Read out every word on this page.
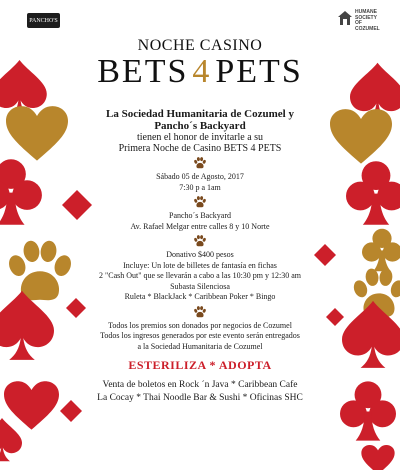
PANCHO'S
HUMANE
SOCIETY
OF COZUMEL
NOCHE CASINO
BETS 4 PETS
La Sociedad Humanitaria de Cozumel y
Pancho´s Backyard
tienen el honor de invitarle a su
Primera Noche de Casino BETS 4 PETS
Sábado 05 de Agosto, 2017
7:30 p a 1am
Pancho´s Backyard
Av. Rafael Melgar entre calles 8 y 10 Norte
Donativo $400 pesos
Incluye: Un lote de billetes de fantasía en fichas
2 "Cash Out" que se llevarán a cabo a las 10:30 pm y 12:30 am
Subasta Silenciosa
Ruleta * BlackJack * Caribbean Poker * Bingo
Todos los premios son donados por negocios de Cozumel
Todos los ingresos generados por este evento serán entregados
a la Sociedad Humanitaria de Cozumel
ESTERILIZA * ADOPTA
Venta de boletos en Rock ´n Java * Caribbean Cafe
La Cocay * Thai Noodle Bar & Sushi * Oficinas SHC
